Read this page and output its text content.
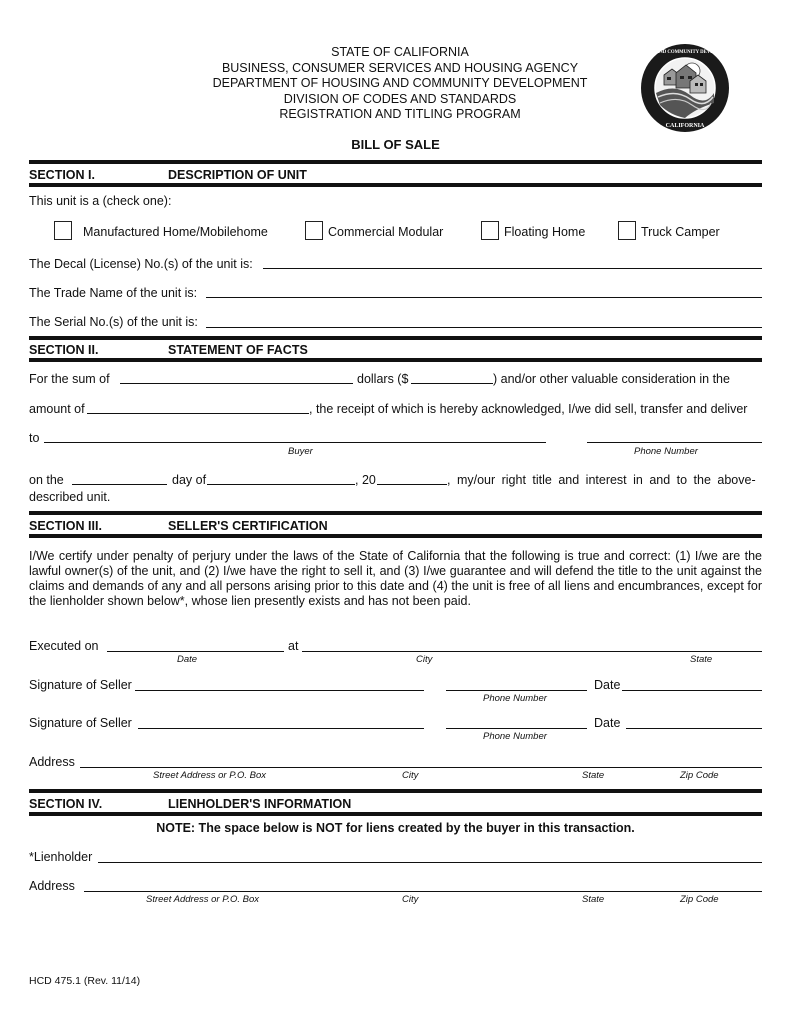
STATE OF CALIFORNIA
BUSINESS, CONSUMER SERVICES AND HOUSING AGENCY
DEPARTMENT OF HOUSING AND COMMUNITY DEVELOPMENT
DIVISION OF CODES AND STANDARDS
REGISTRATION AND TITLING PROGRAM
CALIFORNIA
HOUSING AND COMMUNITY DEVELOPMENT
BILL OF SALE
SECTION I.	DESCRIPTION OF UNIT
This unit is a (check one):
Manufactured Home/Mobilehome	Commercial Modular	Floating Home	Truck Camper
The Decal (License) No.(s) of the unit is:
The Trade Name of the unit is:
The Serial No.(s) of the unit is:
SECTION II.	STATEMENT OF FACTS
For the sum of	dollars ($	) and/or other valuable consideration in the
amount of	, the receipt of which is hereby acknowledged, I/we did sell, transfer and deliver
to
Buyer	Phone Number
on the	day of	, 20	, my/our right title and interest in and to the above-
described unit.
SECTION III.	SELLER'S CERTIFICATION
I/We certify under penalty of perjury under the laws of the State of California that the following is true and correct: (1) I/we are the lawful owner(s) of the unit, and (2) I/we have the right to sell it, and (3) I/we guarantee and will defend the title to the unit against the claims and demands of any and all persons arising prior to this date and (4) the unit is free of all liens and encumbrances, except for the lienholder shown below*, whose lien presently exists and has not been paid.
Executed on
Date
at
City	State
Signature of Seller
Phone Number
Date
Signature of Seller
Phone Number
Date
Address
Street Address or P.O. Box	City	State	Zip Code
SECTION IV.	LIENHOLDER'S INFORMATION
NOTE: The space below is NOT for liens created by the buyer in this transaction.
*Lienholder
Address
Street Address or P.O. Box	City	State	Zip Code
HCD 475.1 (Rev. 11/14)
